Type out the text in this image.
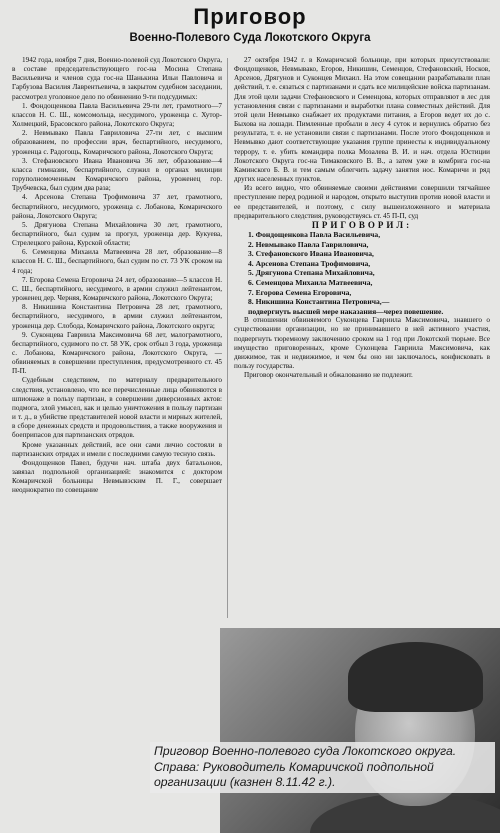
Приговор
Военно-Полевого Суда Локотского Округа

1942 года, ноября 7 дня, Военно-полевой суд Локотского Округа, в составе председательствующего гос-на Мосина Степана Васильевича и членов суда гос-на Шанькина Ильи Павловича и Гарбузова Василия Лаврентьевича, в закрытом судебном заседании, рассмотрел уголовное дело по обвинению 9-ти подсудимых:

1. Фондощенкова Павла Васильевича 29-ти лет, грамотного—7 классов Н. С. Ш., комсомольца, несудимого, уроженца с. Хутор-Холмецкий, Брасовского района, Локотского Округа;

2. Невмывако Павла Гавриловича 27-ти лет, с высшим образованием, по профессии врач, беспартийного, несудимого, уроженца с. Радогощь, Комаричского района, Локотского Округа;

3. Стефановского Ивана Ивановича 36 лет, образование—4 класса гимназии, беспартийного, служил в органах милиции горуполномоченным Комаричского района, уроженец гор. Трубчевска, был судим два раза;

4. Арсенова Степана Трофимовича 37 лет, грамотного, беспартийного, несудимого, уроженца с. Лобанова, Комаричского района, Локотского Округа;

5. Дрягунова Степана Михайловича 30 лет, грамотного, беспартийного, был судим за прогул, уроженца дер. Кукуева, Стрелецкого района, Курской области;

6. Семенцова Михаила Матвеевича 28 лет, образование—8 классов Н. С. Ш., беспартийного, был судим по ст. 73 УК сроком на 4 года;

7. Егорова Семена Егоровича 24 лет, образование—5 классов Н. С. Ш., беспартийного, несудимого, в армии служил лейтенантом, уроженец дер. Черняя, Комаричского района, Локотского Округа;

8. Никишина Константина Петровича 28 лет, грамотного, беспартийного, несудимого, в армии служил лейтенантом, уроженца дер. Слобода, Комаричского района, Локотского округа;

9. Суконцева Гавриила Максимовича 68 лет, малограмотного, беспартийного, судимого по ст. 58 УК, срок отбыл 3 года, уроженца с. Лобанова, Комаричского района, Локотского Округа, — обвиняемых в совершении преступления, предусмотренного ст. 45 П-П.

Судебным следствием, по материалу предварительного следствия, установлено, что все перечисленные лица обвиняются в шпионаже в пользу партизан, в совершении диверсионных актов: подмога, злой умысел, как и целью уничтожения в пользу партизан и т. д., в убийстве представителей новой власти и мирных жителей, в сборе денежных средств и продовольствия, а также вооружения и боеприпасов для партизанских отрядов.

Кроме указанных действий, все они сами лично состояли в партизанских отрядах и имели с последними самую тесную связь.

Фондощенков Павел, будучи нач. штаба двух батальонов, завязал подпольной организацией: знакомится с доктором Комаричской больницы Невмывэским П. Г., совершает неоднократно по совещание

27 октября 1942 г. в Комаричской больнице, при которых присутствовали: Фондощенков, Невмывако, Егоров, Никишин, Семенцов, Стефановский, Носков, Арсенов, Дрягунов и Суконцев Михаил. На этом совещании разрабатывали план действий, т. е. сязаться с партизанами и сдать все милицейские войска партизанам. Для этой цели задачи Стефановского и Семенцова, которых отправляют в лес для установления связи с партизанами и выработки плана совместных действий. Для этой цели Невмывко снабжает их продуктами питания, а Егоров ведет их до с. Быхова на лошади. Пимленные пробыли в лесу 4 суток и вернулись обратно без результата, т. е. не установили связи с партизанами. После этого Фондощенков и Невмывко дают соответствующие указания группе принесты к индивидуальному террору, т. е. убить командира полка Мозалева В. И. и нач. отдела Юстиции Локотского Округа гос-на Тимаковского В. В., а затем уже в комбрига гос-на Каминского Б. В. и тем самым облегчить задачу занятия нос. Комаричи и ряд других населенных пунктов.

Из всего видно, что обвиняемые своими действиями совершили тягчайшее преступление перед родиной и народом, открыто выступив против новой власти и ее представителей, и поэтому, с силу вышеизложенного и материала предварительного следствия, руководствуясь ст. 45 П-П, суд

ПРИГОВОРИЛ:

1. Фондощенкова Павла Васильевича,
2. Невмывако Павла Гавриловича,
3. Стефановского Ивана Ивановича,
4. Арсенова Степана Трофимовича,
5. Дрягунова Степана Михайловича,
6. Семенцова Михаила Матвеевича,
7. Егорова Семена Егоровича,
8. Никишина Константина Петровича,—
подвергнуть высшей мере наказания—через повешение.

В отношении обвиняемого Суконцева Гавриила Максимовича, знавшего о существовании организации, но не принимавшего в ней активного участия, подвергнуть тюремному заключению сроком на 1 год при Локотской тюрьме. Все имущество приговоренных, кроме Суконцева Гавриила Максимовича, как движимое, так и недвижимое, и чем бы оно ни заключалось, конфисковать в пользу государства.

Приговор окончательный и обжалованию не подлежит.

Приговор Военно-полевого суда Локотского округа. Справа: Руководитель Комаричской подпольной организации (казнен 8.11.42 г.).
